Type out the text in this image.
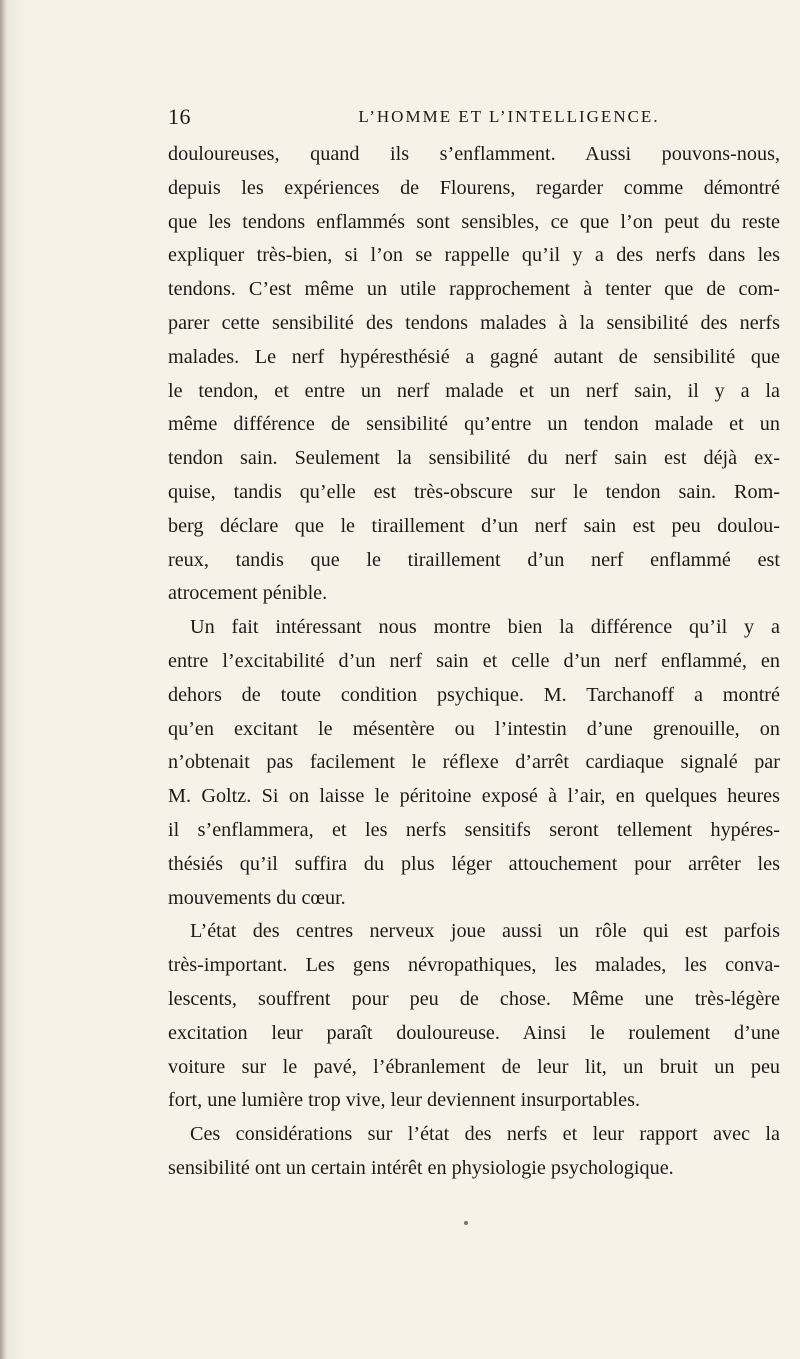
16	L’HOMME ET L’INTELLIGENCE.
douloureuses, quand ils s’enflamment. Aussi pouvons-nous,
depuis les expériences de Flourens, regarder comme démontré
que les tendons enflammés sont sensibles, ce que l’on peut du reste
expliquer très-bien, si l’on se rappelle qu’il y a des nerfs dans les
tendons. C’est même un utile rapprochement à tenter que de com-
parer cette sensibilité des tendons malades à la sensibilité des nerfs
malades. Le nerf hypéresthésié a gagné autant de sensibilité que
le tendon, et entre un nerf malade et un nerf sain, il y a la
même différence de sensibilité qu’entre un tendon malade et un
tendon sain. Seulement la sensibilité du nerf sain est déjà ex-
quise, tandis qu’elle est très-obscure sur le tendon sain. Rom-
berg déclare que le tiraillement d’un nerf sain est peu doulou-
reux, tandis que le tiraillement d’un nerf enflammé est
atrocement pénible.
Un fait intéressant nous montre bien la différence qu’il y a
entre l’excitabilité d’un nerf sain et celle d’un nerf enflammé, en
dehors de toute condition psychique. M. Tarchanoff a montré
qu’en excitant le mésentère ou l’intestin d’une grenouille, on
n’obtenait pas facilement le réflexe d’arrêt cardiaque signalé par
M. Goltz. Si on laisse le péritoine exposé à l’air, en quelques heures
il s’enflammera, et les nerfs sensitifs seront tellement hypéres-
thésiés qu’il suffira du plus léger attouchement pour arrêter les
mouvements du cœur.
L’état des centres nerveux joue aussi un rôle qui est parfois
très-important. Les gens névropathiques, les malades, les conva-
lescents, souffrent pour peu de chose. Même une très-légère
excitation leur paraît douloureuse. Ainsi le roulement d’une
voiture sur le pavé, l’ébranlement de leur lit, un bruit un peu
fort, une lumière trop vive, leur deviennent insurportables.
Ces considérations sur l’état des nerfs et leur rapport avec la
sensibilité ont un certain intérêt en physiologie psychologique.
